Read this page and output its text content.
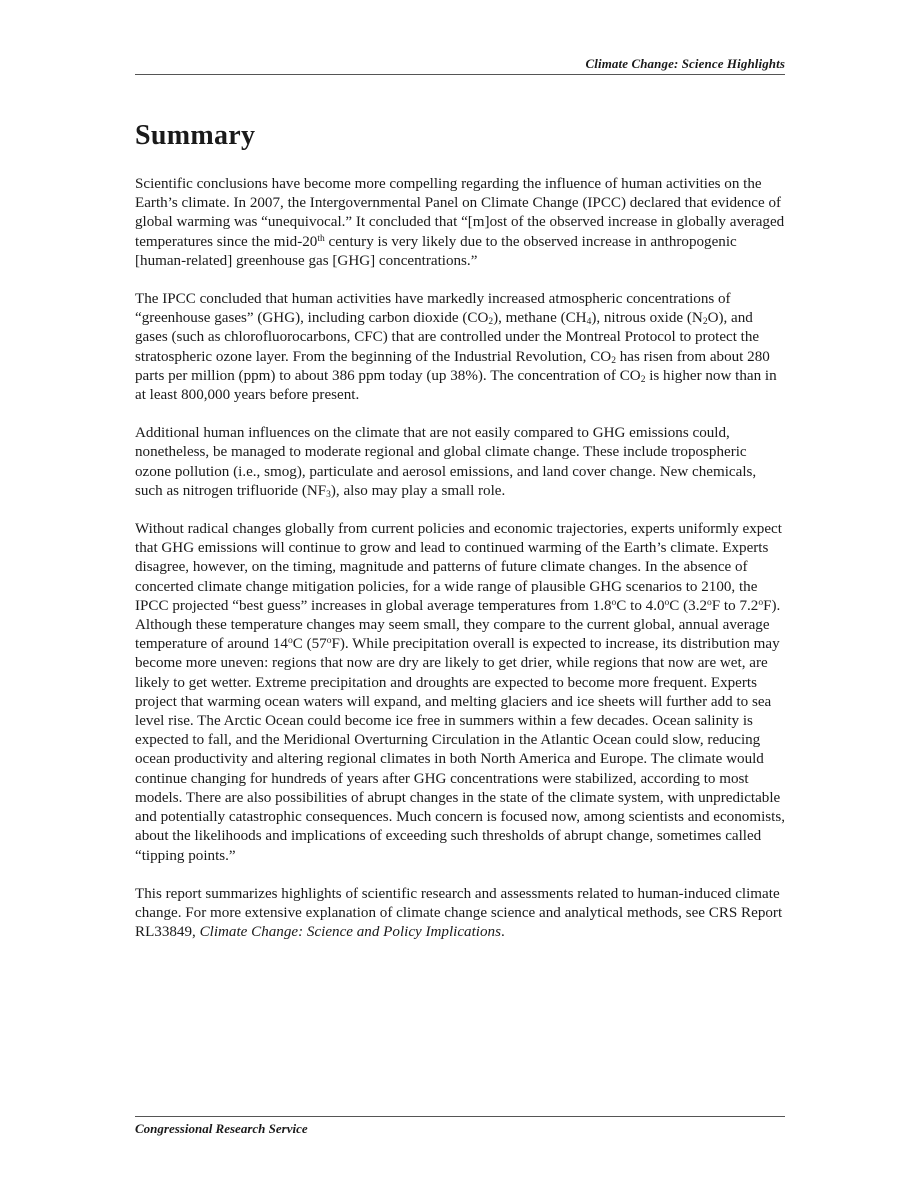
Climate Change: Science Highlights
Summary

Scientific conclusions have become more compelling regarding the influence of human activities on the Earth’s climate. In 2007, the Intergovernmental Panel on Climate Change (IPCC) declared that evidence of global warming was “unequivocal.” It concluded that “[m]ost of the observed increase in globally averaged temperatures since the mid-20th century is very likely due to the observed increase in anthropogenic [human-related] greenhouse gas [GHG] concentrations.”

The IPCC concluded that human activities have markedly increased atmospheric concentrations of “greenhouse gases” (GHG), including carbon dioxide $(CO_2)$, methane $(CH_4)$, nitrous oxide $(N_2O)$, and gases (such as chlorofluorocarbons, CFC) that are controlled under the Montreal Protocol to protect the stratospheric ozone layer. From the beginning of the Industrial Revolution, $CO_2$ has risen from about 280 parts per million (ppm) to about 386 ppm today (up 38%). The concentration of $CO_2$ is higher now than in at least 800,000 years before present.

Additional human influences on the climate that are not easily compared to GHG emissions could, nonetheless, be managed to moderate regional and global climate change. These include tropospheric ozone pollution (i.e., smog), particulate and aerosol emissions, and land cover change. New chemicals, such as nitrogen trifluoride $(NF_3)$, also may play a small role.

Without radical changes globally from current policies and economic trajectories, experts uniformly expect that GHG emissions will continue to grow and lead to continued warming of the Earth’s climate. Experts disagree, however, on the timing, magnitude and patterns of future climate changes. In the absence of concerted climate change mitigation policies, for a wide range of plausible GHG scenarios to 2100, the IPCC projected “best guess” increases in global average temperatures from 1.8$^o$C to 4.0$^o$C (3.2$^o$F to 7.2$^o$F). Although these temperature changes may seem small, they compare to the current global, annual average temperature of around 14$^o$C (57$^o$F). While precipitation overall is expected to increase, its distribution may become more uneven: regions that now are dry are likely to get drier, while regions that now are wet, are likely to get wetter. Extreme precipitation and droughts are expected to become more frequent. Experts project that warming ocean waters will expand, and melting glaciers and ice sheets will further add to sea level rise. The Arctic Ocean could become ice free in summers within a few decades. Ocean salinity is expected to fall, and the Meridional Overturning Circulation in the Atlantic Ocean could slow, reducing ocean productivity and altering regional climates in both North America and Europe. The climate would continue changing for hundreds of years after GHG concentrations were stabilized, according to most models. There are also possibilities of abrupt changes in the state of the climate system, with unpredictable and potentially catastrophic consequences. Much concern is focused now, among scientists and economists, about the likelihoods and implications of exceeding such thresholds of abrupt change, sometimes called “tipping points.”

This report summarizes highlights of scientific research and assessments related to human-induced climate change. For more extensive explanation of climate change science and analytical methods, see CRS Report RL33849, Climate Change: Science and Policy Implications.

Congressional Research Service
